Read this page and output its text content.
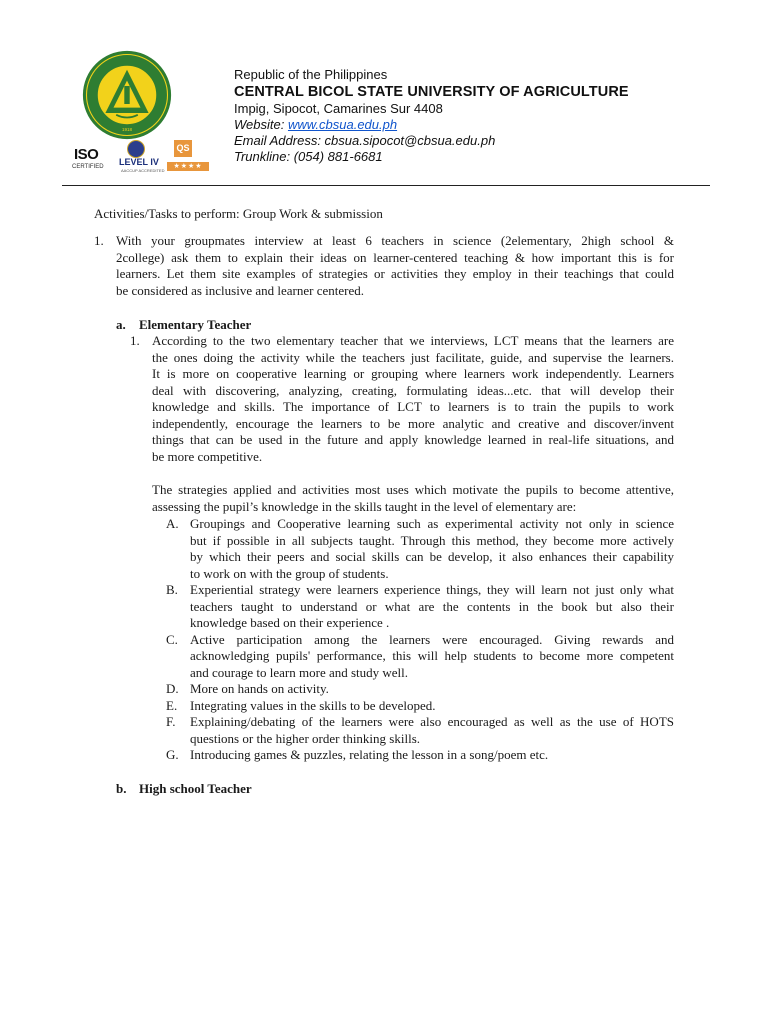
1918
ISO
CERTIFIED LEVEL IV
AACCUP ACCREDITED
QS
★★★★
Republic of the Philippines
CENTRAL BICOL STATE UNIVERSITY OF AGRICULTURE
Impig, Sipocot, Camarines Sur 4408
Website: www.cbsua.edu.ph
Email Address: cbsua.sipocot@cbsua.edu.ph
Trunkline: (054) 881-6681
Activities/Tasks to perform: Group Work & submission
1. With your groupmates interview at least 6 teachers in science (2elementary, 2high school &
2college) ask them to explain their ideas on learner-centered teaching & how important this is for
learners. Let them site examples of strategies or activities they employ in their teachings that could
be considered as inclusive and learner centered.
a. Elementary Teacher
1. According to the two elementary teacher that we interviews, LCT means that the learners are
the ones doing the activity while the teachers just facilitate, guide, and supervise the learners.
It is more on cooperative learning or grouping where learners work independently. Learners
deal with discovering, analyzing, creating, formulating ideas...etc. that will develop their
knowledge and skills. The importance of LCT to learners is to train the pupils to work
independently, encourage the learners to be more analytic and creative and discover/invent
things that can be used in the future and apply knowledge learned in real-life situations, and
be more competitive.
The strategies applied and activities most uses which motivate the pupils to become attentive,
assessing the pupil’s knowledge in the skills taught in the level of elementary are:
A. Groupings and Cooperative learning such as experimental activity not only in science
but if possible in all subjects taught. Through this method, they become more actively
by which their peers and social skills can be develop, it also enhances their capability
to work on with the group of students.
B. Experiential strategy were learners experience things, they will learn not just only what
teachers taught to understand or what are the contents in the book but also their
knowledge based on their experience .
C. Active participation among the learners were encouraged. Giving rewards and
acknowledging pupils' performance, this will help students to become more competent
and courage to learn more and study well.
D. More on hands on activity.
E. Integrating values in the skills to be developed.
F. Explaining/debating of the learners were also encouraged as well as the use of HOTS
questions or the higher order thinking skills.
G. Introducing games & puzzles, relating the lesson in a song/poem etc.
b. High school Teacher
